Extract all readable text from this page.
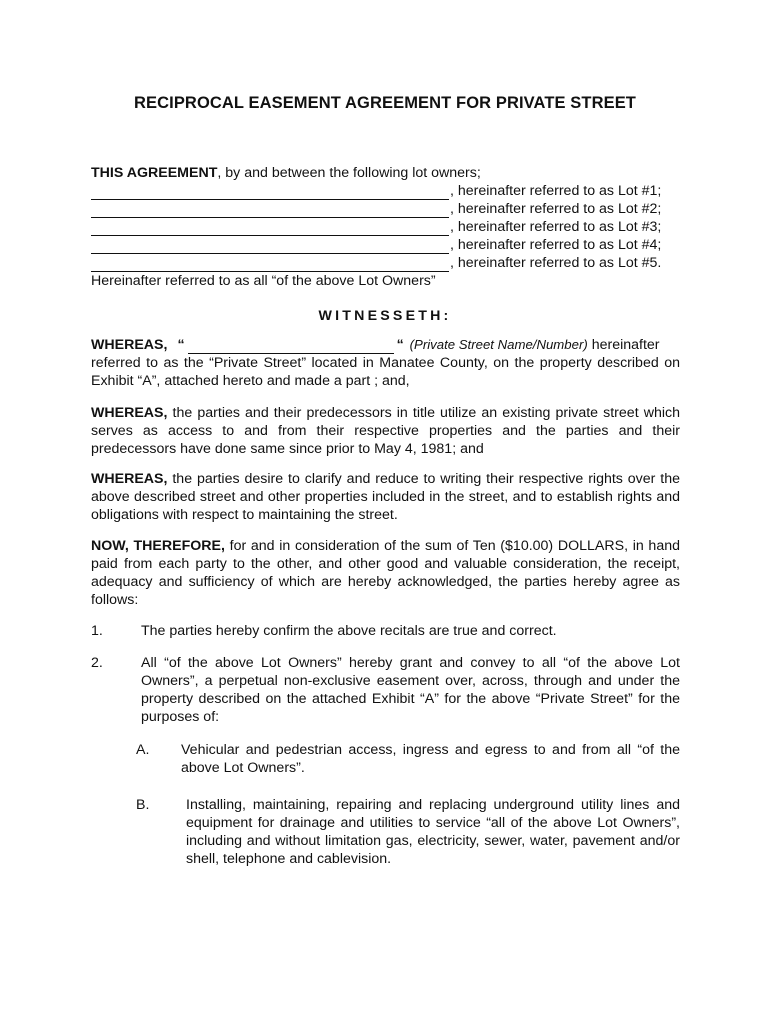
RECIPROCAL EASEMENT AGREEMENT FOR PRIVATE STREET
THIS AGREEMENT, by and between the following lot owners;
, hereinafter referred to as Lot #1;
, hereinafter referred to as Lot #2;
, hereinafter referred to as Lot #3;
, hereinafter referred to as Lot #4;
, hereinafter referred to as Lot #5.
Hereinafter referred to as all “of the above Lot Owners”
WITNESSETH:
WHEREAS, “	“ (Private Street Name/Number) hereinafter
referred to as the “Private Street” located in Manatee County, on the property described on Exhibit “A”, attached hereto and made a part ; and,
WHEREAS, the parties and their predecessors in title utilize an existing private street which serves as access to and from their respective properties and the parties and their predecessors have done same since prior to May 4, 1981; and
WHEREAS, the parties desire to clarify and reduce to writing their respective rights over the above described street and other properties included in the street, and to establish rights and obligations with respect to maintaining the street.
NOW, THEREFORE, for and in consideration of the sum of Ten ($10.00) DOLLARS, in hand paid from each party to the other, and other good and valuable consideration, the receipt, adequacy and sufficiency of which are hereby acknowledged, the parties hereby agree as follows:
1.	The parties hereby confirm the above recitals are true and correct.
2.	All “of the above Lot Owners” hereby grant and convey to all “of the above Lot Owners”, a perpetual non-exclusive easement over, across, through and under the property described on the attached Exhibit “A” for the above “Private Street” for the purposes of:
A. Vehicular and pedestrian access, ingress and egress to and from all “of the above Lot Owners”.
B.	Installing, maintaining, repairing and replacing underground utility lines and equipment for drainage and utilities to service “all of the above Lot Owners”, including and without limitation gas, electricity, sewer, water, pavement and/or shell, telephone and cablevision.
